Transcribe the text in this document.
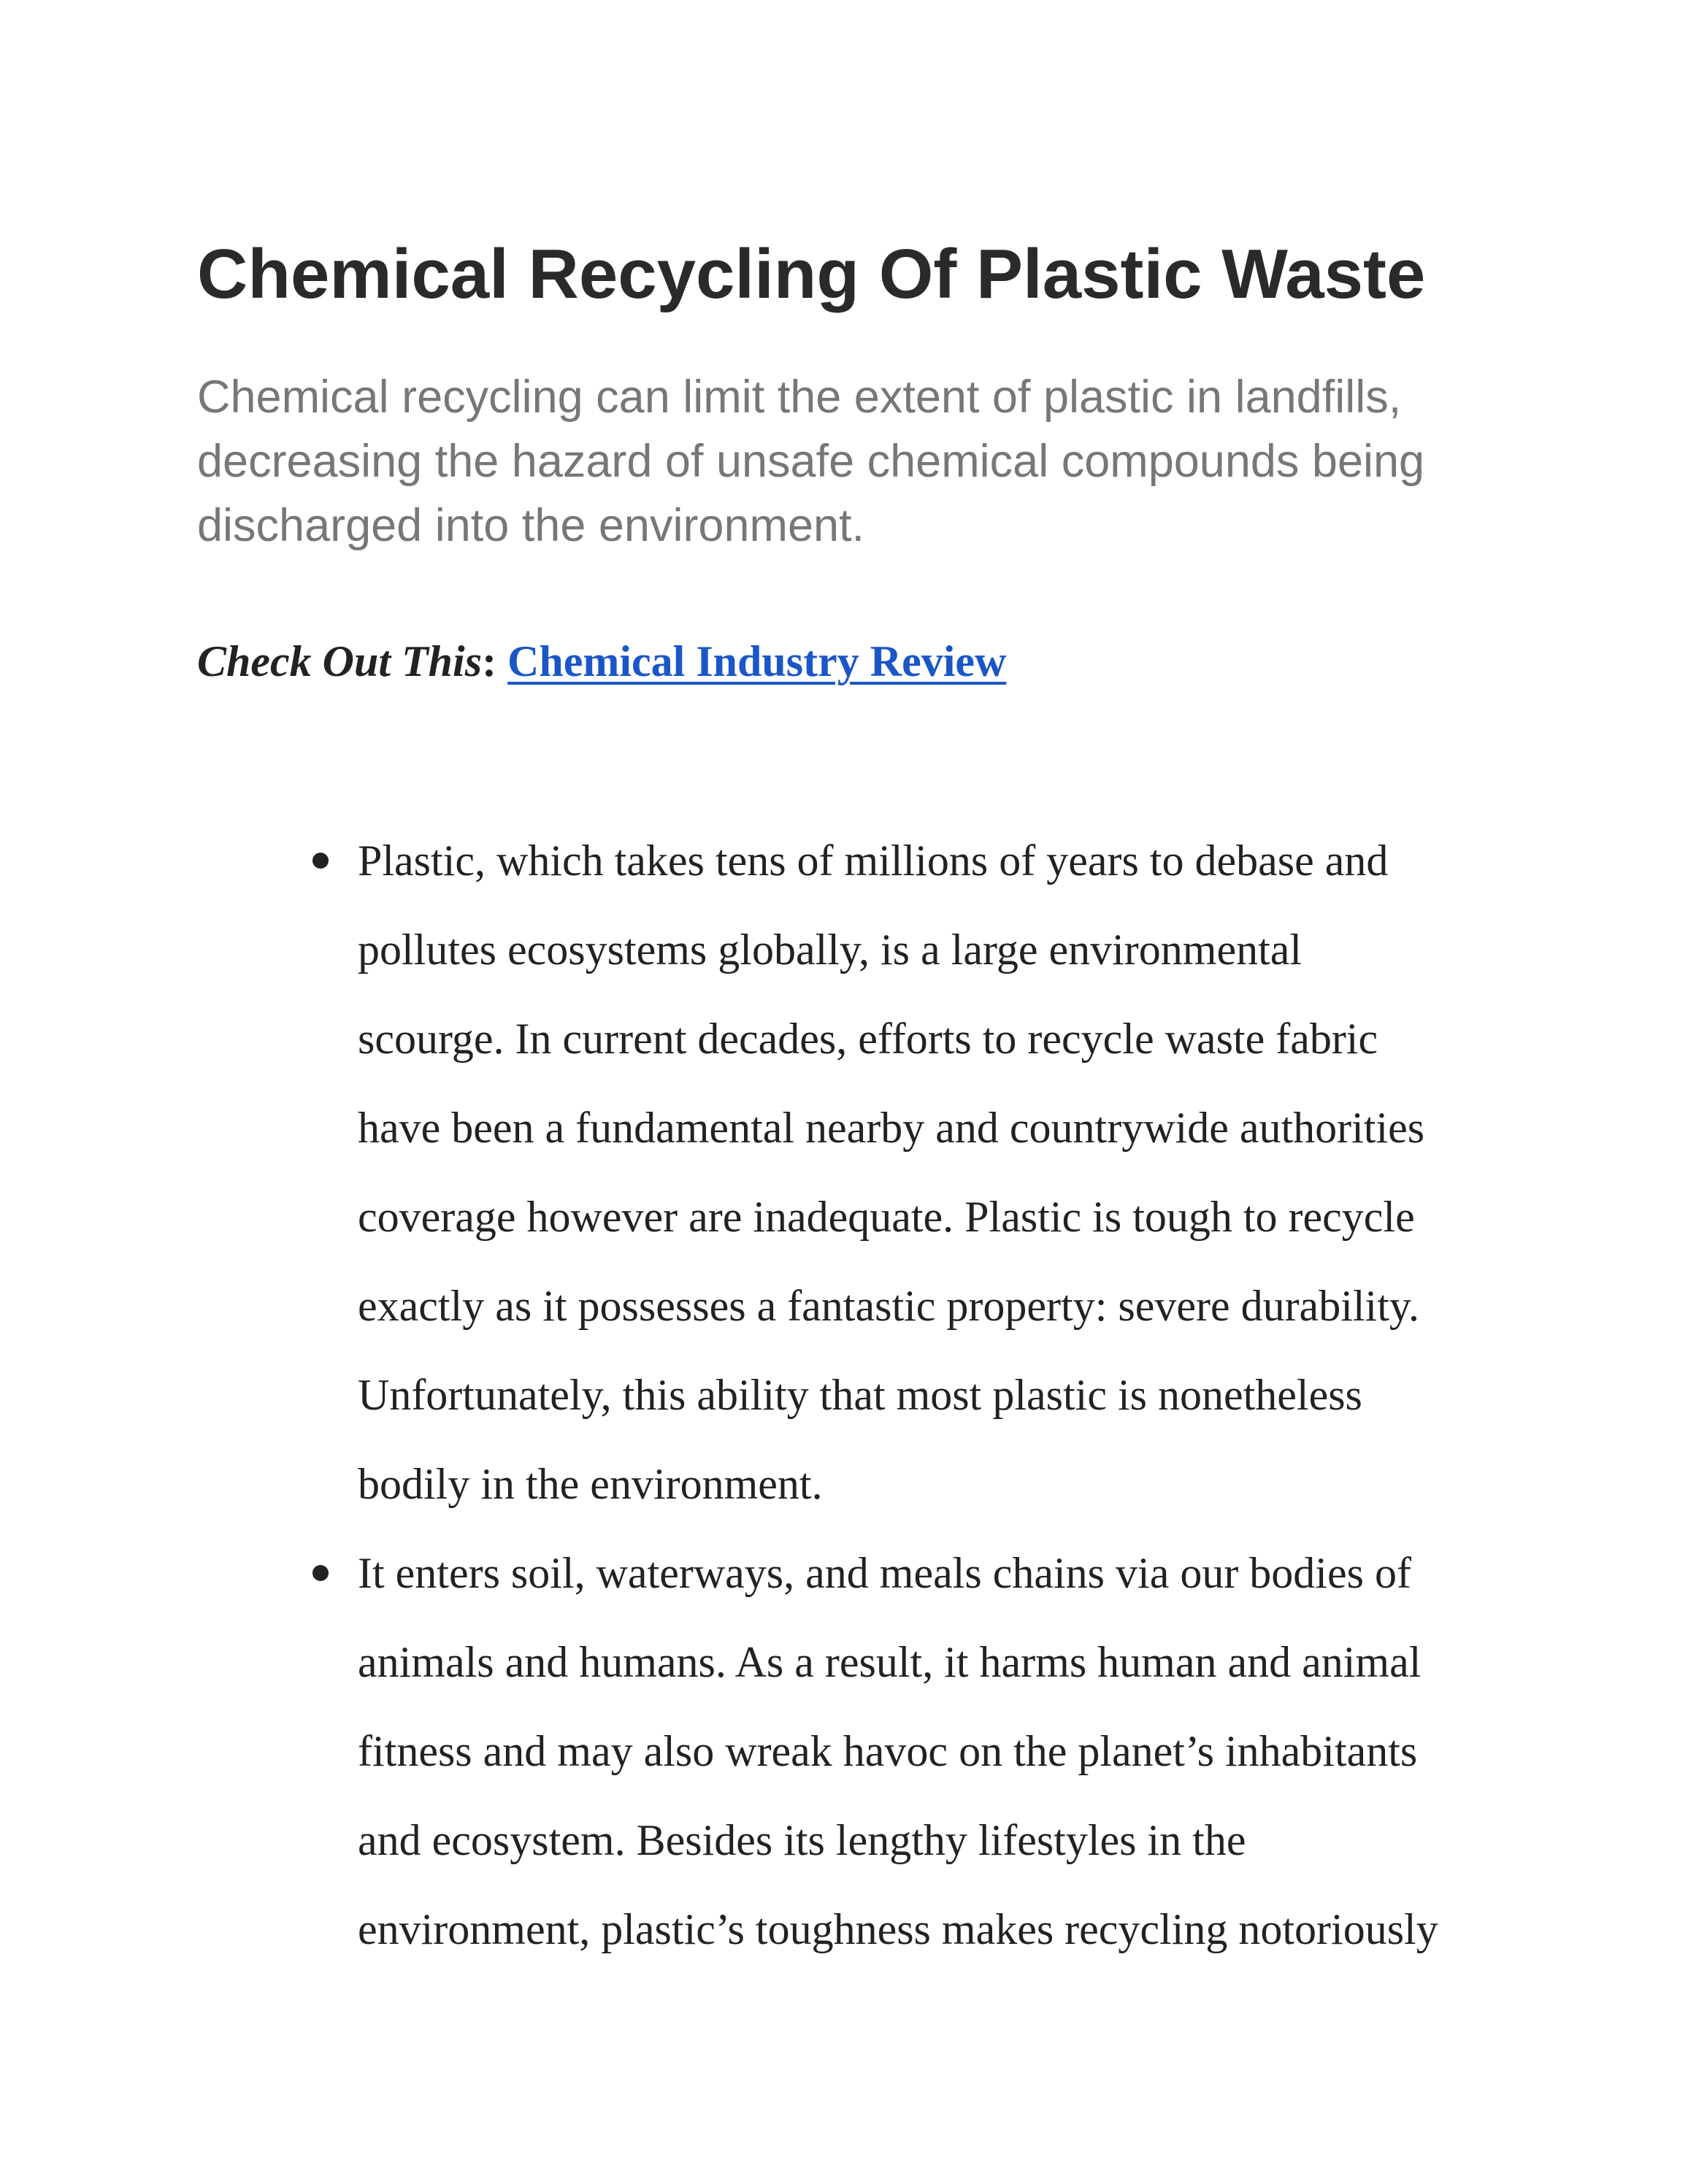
Chemical Recycling Of Plastic Waste

Chemical recycling can limit the extent of plastic in landfills,
decreasing the hazard of unsafe chemical compounds being
discharged into the environment.

Check Out This: Chemical Industry Review

Plastic, which takes tens of millions of years to debase and
pollutes ecosystems globally, is a large environmental
scourge. In current decades, efforts to recycle waste fabric
have been a fundamental nearby and countrywide authorities
coverage however are inadequate. Plastic is tough to recycle
exactly as it possesses a fantastic property: severe durability.
Unfortunately, this ability that most plastic is nonetheless
bodily in the environment.
It enters soil, waterways, and meals chains via our bodies of
animals and humans. As a result, it harms human and animal
fitness and may also wreak havoc on the planet’s inhabitants
and ecosystem. Besides its lengthy lifestyles in the
environment, plastic’s toughness makes recycling notoriously
